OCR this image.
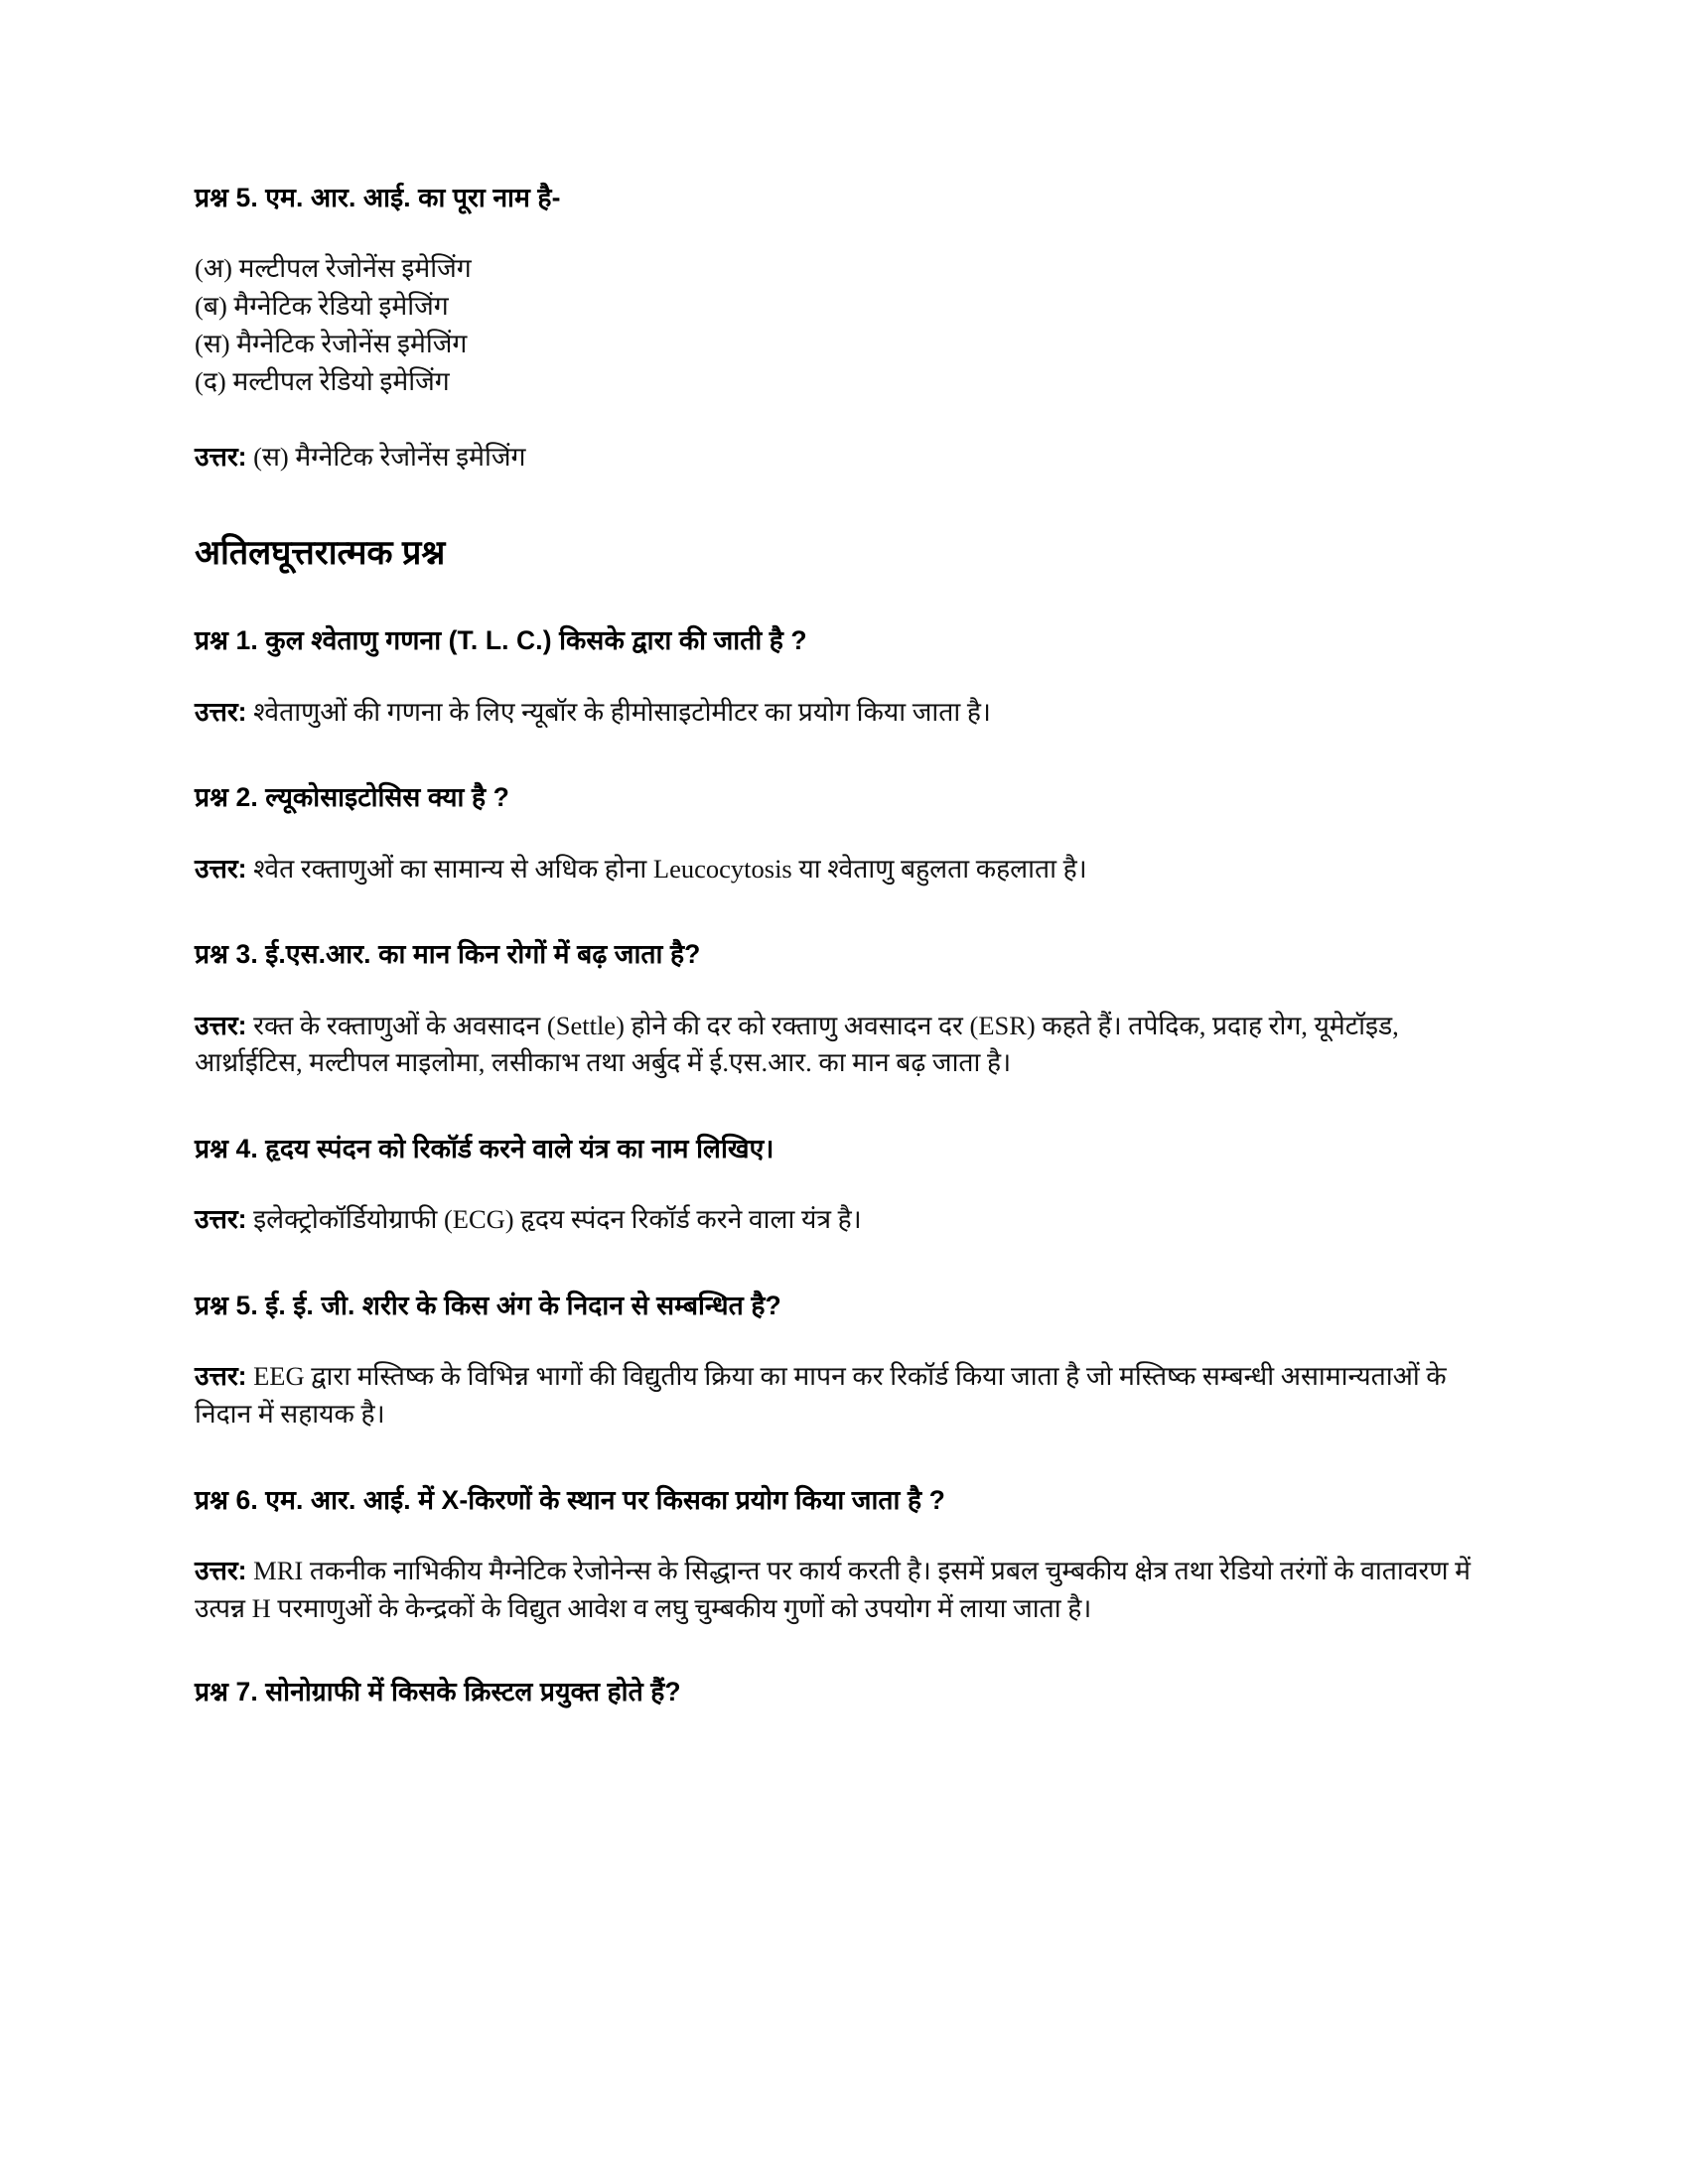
प्रश्न 5. एम. आर. आई. का पूरा नाम है-

(अ) मल्टीपल रेजोनेंस इमेजिंग
(ब) मैग्नेटिक रेडियो इमेजिंग
(स) मैग्नेटिक रेजोनेंस इमेजिंग
(द) मल्टीपल रेडियो इमेजिंग

उत्तर: (स) मैग्नेटिक रेजोनेंस इमेजिंग

अतिलघूत्तरात्मक प्रश्न

प्रश्न 1. कुल श्वेताणु गणना (T. L. C.) किसके द्वारा की जाती है ?

उत्तर: श्वेताणुओं की गणना के लिए न्यूबॉर के हीमोसाइटोमीटर का प्रयोग किया जाता है।

प्रश्न 2. ल्यूकोसाइटोसिस क्या है ?

उत्तर: श्वेत रक्ताणुओं का सामान्य से अधिक होना Leucocytosis या श्वेताणु बहुलता कहलाता है।

प्रश्न 3. ई.एस.आर. का मान किन रोगों में बढ़ जाता है?

उत्तर: रक्त के रक्ताणुओं के अवसादन (Settle) होने की दर को रक्ताणु अवसादन दर (ESR) कहते हैं। तपेदिक, प्रदाह रोग, यूमेटॉइड, आर्थ्राईटिस, मल्टीपल माइलोमा, लसीकाभ तथा अर्बुद में ई.एस.आर. का मान बढ़ जाता है।

प्रश्न 4. हृदय स्पंदन को रिकॉर्ड करने वाले यंत्र का नाम लिखिए।

उत्तर: इलेक्ट्रोकॉर्डियोग्राफी (ECG) हृदय स्पंदन रिकॉर्ड करने वाला यंत्र है।

प्रश्न 5. ई. ई. जी. शरीर के किस अंग के निदान से सम्बन्धित है?

उत्तर: EEG द्वारा मस्तिष्क के विभिन्न भागों की विद्युतीय क्रिया का मापन कर रिकॉर्ड किया जाता है जो मस्तिष्क सम्बन्धी असामान्यताओं के निदान में सहायक है।

प्रश्न 6. एम. आर. आई. में X-किरणों के स्थान पर किसका प्रयोग किया जाता है ?

उत्तर: MRI तकनीक नाभिकीय मैग्नेटिक रेजोनेन्स के सिद्धान्त पर कार्य करती है। इसमें प्रबल चुम्बकीय क्षेत्र तथा रेडियो तरंगों के वातावरण में उत्पन्न H परमाणुओं के केन्द्रकों के विद्युत आवेश व लघु चुम्बकीय गुणों को उपयोग में लाया जाता है।

प्रश्न 7. सोनोग्राफी में किसके क्रिस्टल प्रयुक्त होते हैं?
